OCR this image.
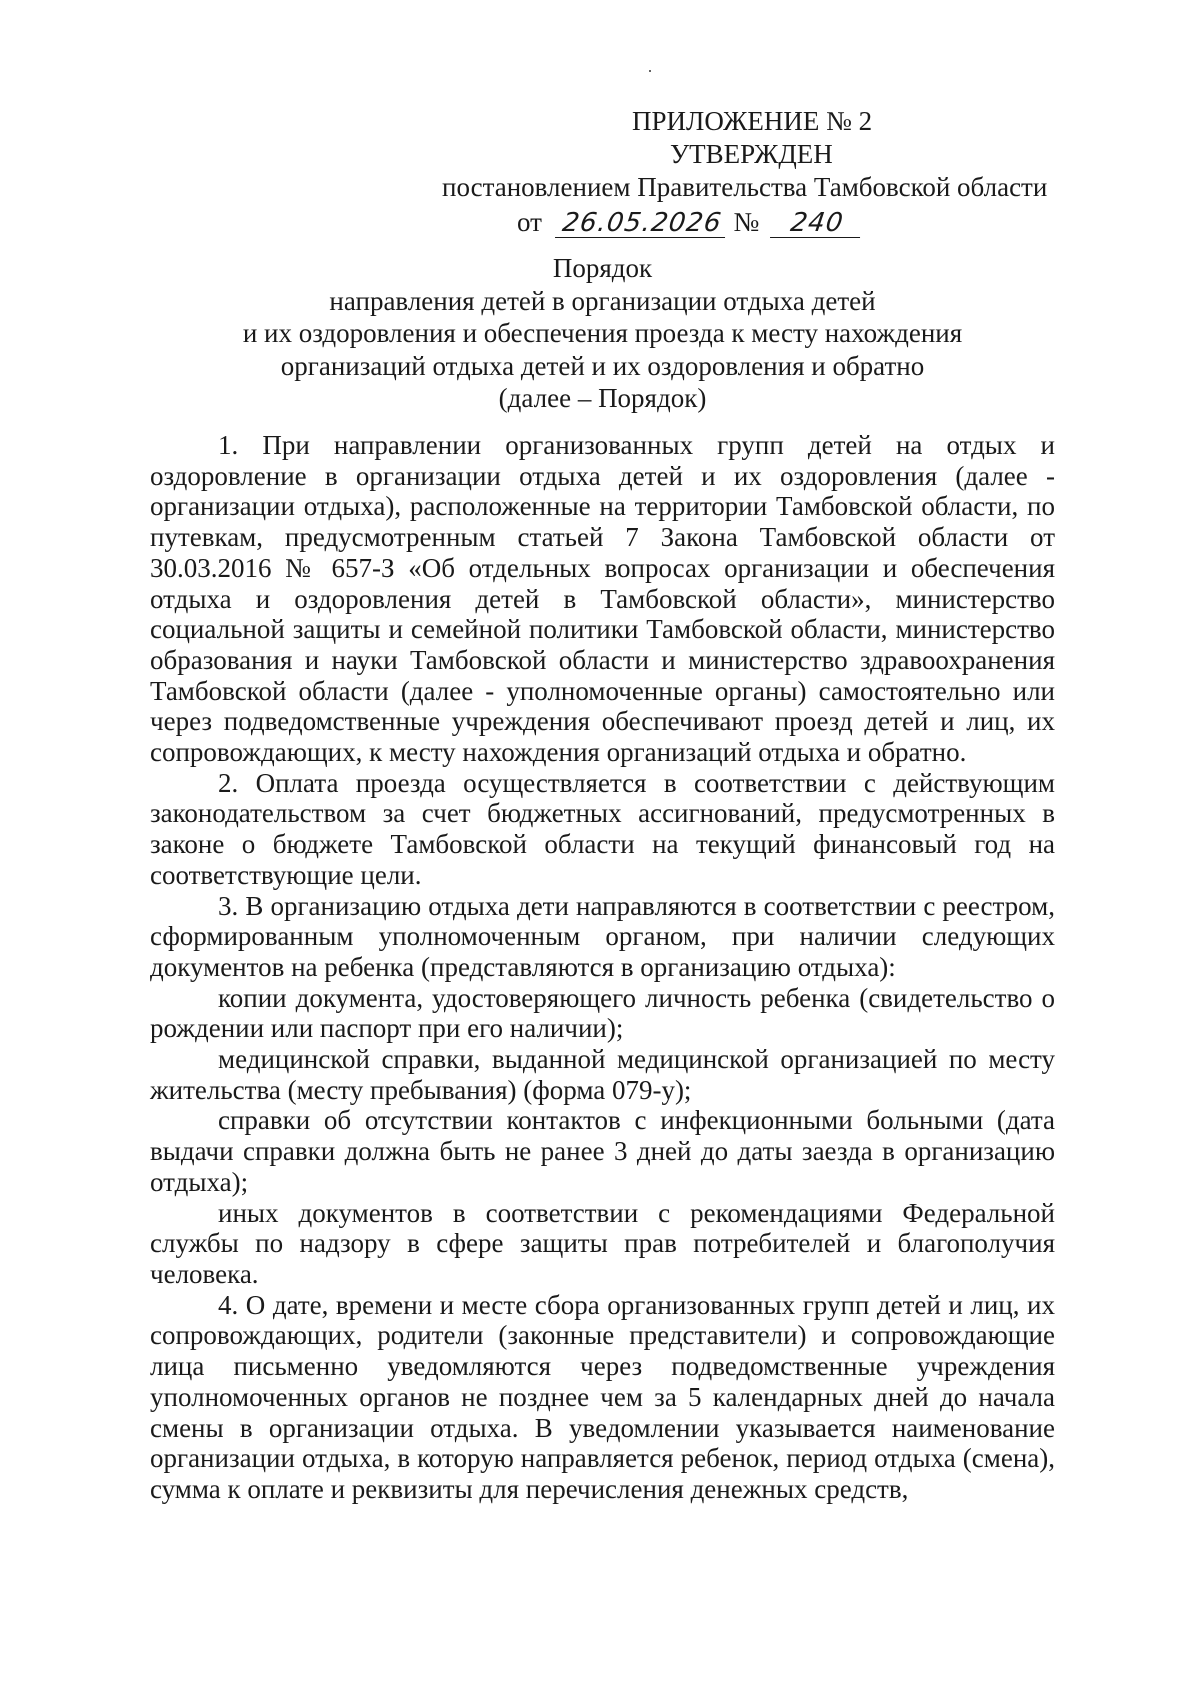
ПРИЛОЖЕНИЕ № 2
УТВЕРЖДЕН
постановлением Правительства Тамбовской области
от 26.05.2026 № 240
Порядок
направления детей в организации отдыха детей
и их оздоровления и обеспечения проезда к месту нахождения
организаций отдыха детей и их оздоровления и обратно
(далее – Порядок)

1. При направлении организованных групп детей на отдых и оздоровление в организации отдыха детей и их оздоровления (далее - организации отдыха), расположенные на территории Тамбовской области, по путевкам, предусмотренным статьей 7 Закона Тамбовской области от 30.03.2016 № 657-З «Об отдельных вопросах организации и обеспечения отдыха и оздоровления детей в Тамбовской области», министерство социальной защиты и семейной политики Тамбовской области, министерство образования и науки Тамбовской области и министерство здравоохранения Тамбовской области (далее - уполномоченные органы) самостоятельно или через подведомственные учреждения обеспечивают проезд детей и лиц, их сопровождающих, к месту нахождения организаций отдыха и обратно.

2. Оплата проезда осуществляется в соответствии с действующим законодательством за счет бюджетных ассигнований, предусмотренных в законе о бюджете Тамбовской области на текущий финансовый год на соответствующие цели.

3. В организацию отдыха дети направляются в соответствии с реестром, сформированным уполномоченным органом, при наличии следующих документов на ребенка (представляются в организацию отдыха):

копии документа, удостоверяющего личность ребенка (свидетельство о рождении или паспорт при его наличии);

медицинской справки, выданной медицинской организацией по месту жительства (месту пребывания) (форма 079-у);

справки об отсутствии контактов с инфекционными больными (дата выдачи справки должна быть не ранее 3 дней до даты заезда в организацию отдыха);

иных документов в соответствии с рекомендациями Федеральной службы по надзору в сфере защиты прав потребителей и благополучия человека.

4. О дате, времени и месте сбора организованных групп детей и лиц, их сопровождающих, родители (законные представители) и сопровождающие лица письменно уведомляются через подведомственные учреждения уполномоченных органов не позднее чем за 5 календарных дней до начала смены в организации отдыха. В уведомлении указывается наименование организации отдыха, в которую направляется ребенок, период отдыха (смена), сумма к оплате и реквизиты для перечисления денежных средств,
